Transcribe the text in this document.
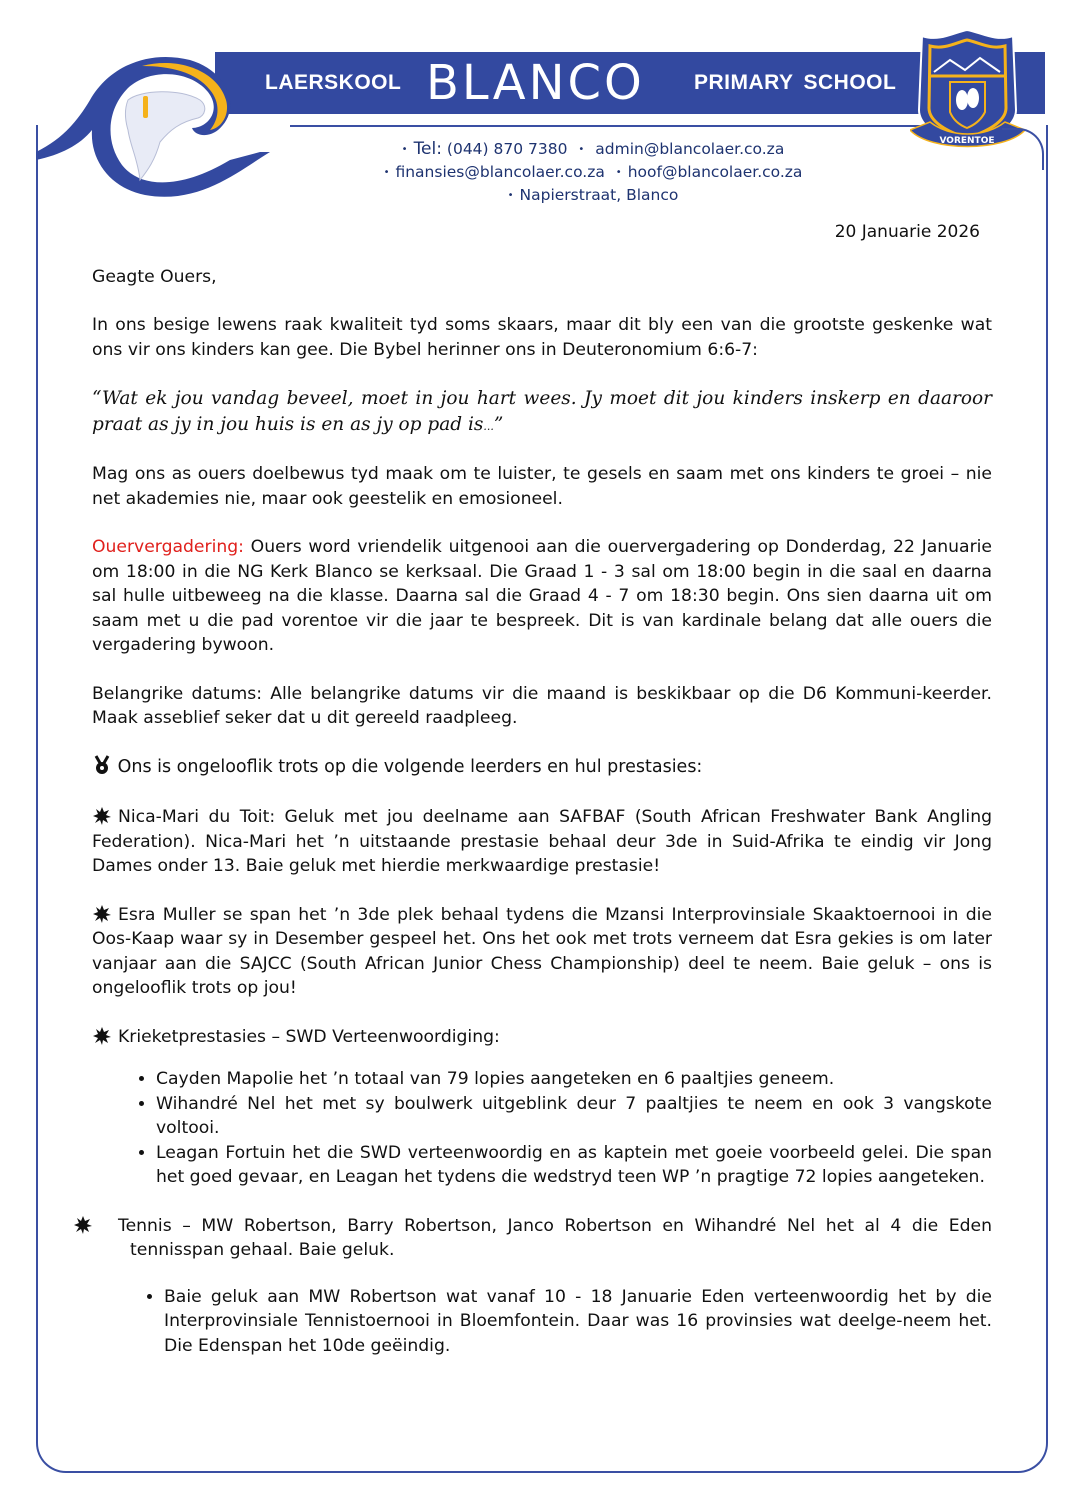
LAERSKOOL BLANCO PRIMARY SCHOOL
VORENTOE
• Tel: (044) 870 7380 • admin@blancolaer.co.za
• finansies@blancolaer.co.za • hoof@blancolaer.co.za
• Napierstraat, Blanco
20 Januarie 2026

Geagte Ouers,

In ons besige lewens raak kwaliteit tyd soms skaars, maar dit bly een van die grootste geskenke wat ons vir ons kinders kan gee. Die Bybel herinner ons in Deuteronomium 6:6-7:

“Wat ek jou vandag beveel, moet in jou hart wees. Jy moet dit jou kinders inskerp en daaroor praat as jy in jou huis is en as jy op pad is...”

Mag ons as ouers doelbewus tyd maak om te luister, te gesels en saam met ons kinders te groei – nie net akademies nie, maar ook geestelik en emosioneel.

Ouervergadering: Ouers word vriendelik uitgenooi aan die ouervergadering op Donderdag, 22 Januarie om 18:00 in die NG Kerk Blanco se kerksaal. Die Graad 1 - 3 sal om 18:00 begin in die saal en daarna sal hulle uitbeweeg na die klasse. Daarna sal die Graad 4 - 7 om 18:30 begin. Ons sien daarna uit om saam met u die pad vorentoe vir die jaar te bespreek. Dit is van kardinale belang dat alle ouers die vergadering bywoon.

Belangrike datums: Alle belangrike datums vir die maand is beskikbaar op die D6 Kommuni-keerder. Maak asseblief seker dat u dit gereeld raadpleeg.

Ons is ongelooflik trots op die volgende leerders en hul prestasies:

Nica-Mari du Toit: Geluk met jou deelname aan SAFBAF (South African Freshwater Bank Angling Federation). Nica-Mari het ’n uitstaande prestasie behaal deur 3de in Suid-Afrika te eindig vir Jong Dames onder 13. Baie geluk met hierdie merkwaardige prestasie!

Esra Muller se span het ’n 3de plek behaal tydens die Mzansi Interprovinsiale Skaaktoernooi in die Oos-Kaap waar sy in Desember gespeel het. Ons het ook met trots verneem dat Esra gekies is om later vanjaar aan die SAJCC (South African Junior Chess Championship) deel te neem. Baie geluk – ons is ongelooflik trots op jou!

Krieketprestasies – SWD Verteenwoordiging:

• Cayden Mapolie het ’n totaal van 79 lopies aangeteken en 6 paaltjies geneem.
• Wihandré Nel het met sy boulwerk uitgeblink deur 7 paaltjies te neem en ook 3 vangskote voltooi.
• Leagan Fortuin het die SWD verteenwoordig en as kaptein met goeie voorbeeld gelei. Die span het goed gevaar, en Leagan het tydens die wedstryd teen WP ’n pragtige 72 lopies aangeteken.

Tennis – MW Robertson, Barry Robertson, Janco Robertson en Wihandré Nel het al 4 die Eden tennisspan gehaal. Baie geluk.

• Baie geluk aan MW Robertson wat vanaf 10 - 18 Januarie Eden verteenwoordig het by die Interprovinsiale Tennistoernooi in Bloemfontein. Daar was 16 provinsies wat deelge-neem het. Die Edenspan het 10de geëindig.
